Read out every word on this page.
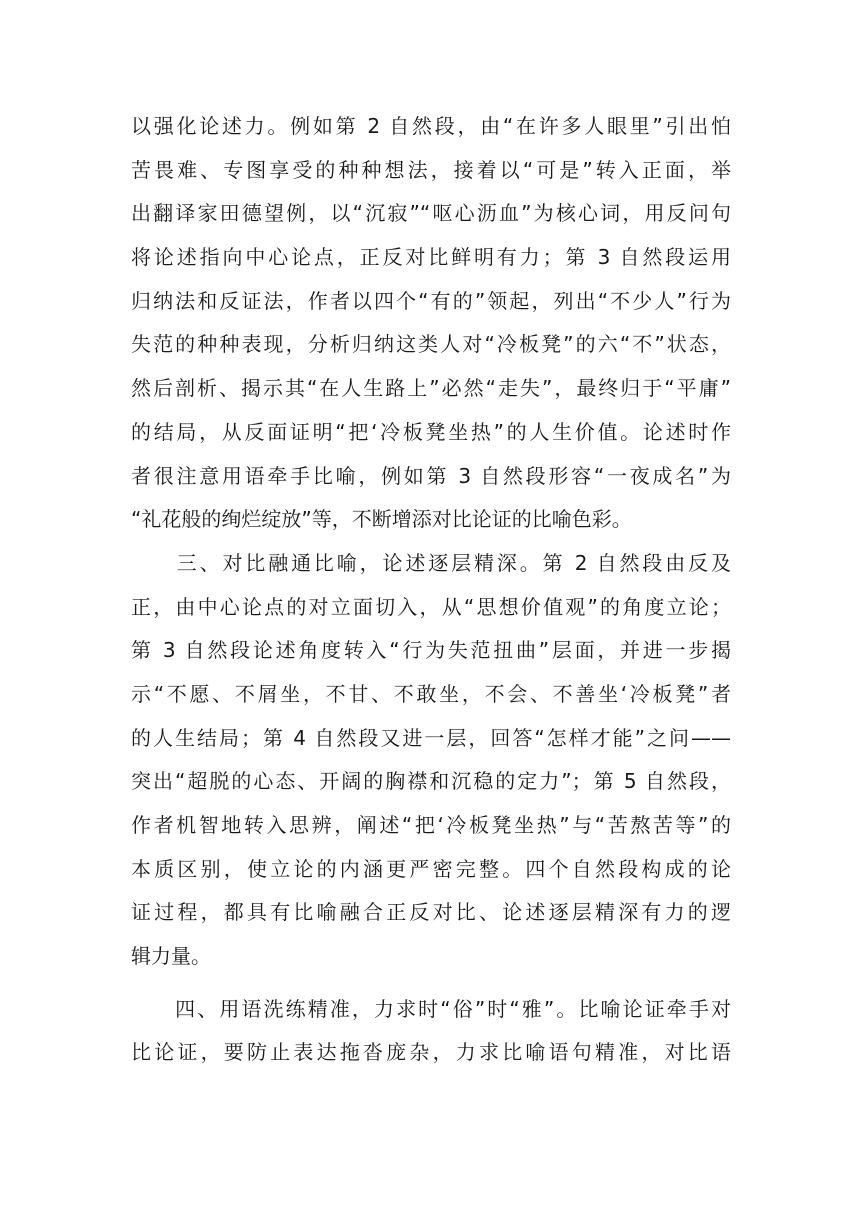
以强化论述力。例如第 2 自然段，由“在许多人眼里”引出怕
苦畏难、专图享受的种种想法，接着以“可是”转入正面，举
出翻译家田德望例，以“沉寂”“呕心沥血”为核心词，用反问句
将论述指向中心论点，正反对比鲜明有力；第 3 自然段运用
归纳法和反证法，作者以四个“有的”领起，列出“不少人”行为
失范的种种表现，分析归纳这类人对“冷板凳”的六“不”状态，
然后剖析、揭示其“在人生路上”必然“走失”，最终归于“平庸”
的结局，从反面证明“把‘冷板凳坐热”的人生价值。论述时作
者很注意用语牵手比喻，例如第 3 自然段形容“一夜成名”为
“礼花般的绚烂绽放”等，不断增添对比论证的比喻色彩。
　　三、对比融通比喻，论述逐层精深。第 2 自然段由反及
正，由中心论点的对立面切入，从“思想价值观”的角度立论；
第 3 自然段论述角度转入“行为失范扭曲”层面，并进一步揭
示“不愿、不屑坐，不甘、不敢坐，不会、不善坐‘冷板凳”者
的人生结局；第 4 自然段又进一层，回答“怎样才能”之问——
突出“超脱的心态、开阔的胸襟和沉稳的定力”；第 5 自然段，
作者机智地转入思辨，阐述“把‘冷板凳坐热”与“苦熬苦等”的
本质区别，使立论的内涵更严密完整。四个自然段构成的论
证过程，都具有比喻融合正反对比、论述逐层精深有力的逻
辑力量。
　　四、用语洗练精准，力求时“俗”时“雅”。比喻论证牵手对
比论证，要防止表达拖沓庞杂，力求比喻语句精准，对比语
